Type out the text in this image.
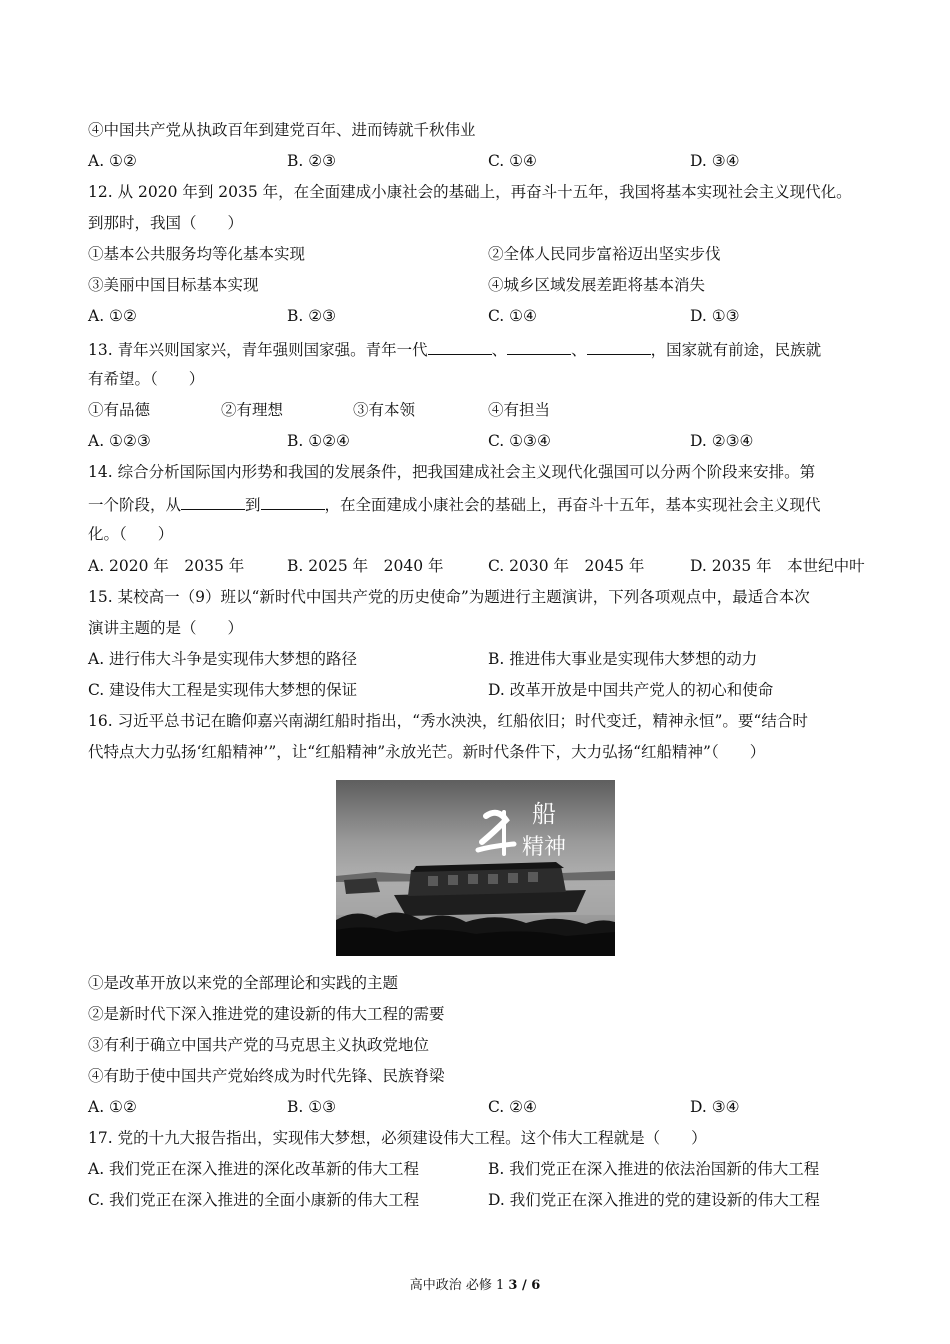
④中国共产党从执政百年到建党百年、进而铸就千秋伟业
A. ①②	B. ②③	C. ①④	D. ③④
12. 从 2020 年到 2035 年，在全面建成小康社会的基础上，再奋斗十五年，我国将基本实现社会主义现代化。
到那时，我国（　　）
①基本公共服务均等化基本实现	②全体人民同步富裕迈出坚实步伐
③美丽中国目标基本实现	④城乡区域发展差距将基本消失
A. ①②	B. ②③	C. ①④	D. ①③
13. 青年兴则国家兴，青年强则国家强。青年一代	、	、	，国家就有前途，民族就
有希望。（　　）
①有品德	②有理想	③有本领	④有担当
A. ①②③	B. ①②④	C. ①③④	D. ②③④
14. 综合分析国际国内形势和我国的发展条件，把我国建成社会主义现代化强国可以分两个阶段来安排。第
一个阶段，从	到	，在全面建成小康社会的基础上，再奋斗十五年，基本实现社会主义现代
化。（　　）
A. 2020 年　2035 年	B. 2025 年　2040 年	C. 2030 年　2045 年	D. 2035 年　本世纪中叶
15. 某校高一（9）班以“新时代中国共产党的历史使命”为题进行主题演讲，下列各项观点中，最适合本次
演讲主题的是（　　）
A. 进行伟大斗争是实现伟大梦想的路径	B. 推进伟大事业是实现伟大梦想的动力
C. 建设伟大工程是实现伟大梦想的保证	D. 改革开放是中国共产党人的初心和使命
16. 习近平总书记在瞻仰嘉兴南湖红船时指出，“秀水泱泱，红船依旧；时代变迁，精神永恒”。要“结合时
代特点大力弘扬‘红船精神’”，让“红船精神”永放光芒。新时代条件下，大力弘扬“红船精神”（　　）
船
精神
①是改革开放以来党的全部理论和实践的主题
②是新时代下深入推进党的建设新的伟大工程的需要
③有利于确立中国共产党的马克思主义执政党地位
④有助于使中国共产党始终成为时代先锋、民族脊梁
A. ①②	B. ①③	C. ②④	D. ③④
17. 党的十九大报告指出，实现伟大梦想，必须建设伟大工程。这个伟大工程就是（　　）
A. 我们党正在深入推进的深化改革新的伟大工程	B. 我们党正在深入推进的依法治国新的伟大工程
C. 我们党正在深入推进的全面小康新的伟大工程	D. 我们党正在深入推进的党的建设新的伟大工程
高中政治 必修 1 3 / 6
